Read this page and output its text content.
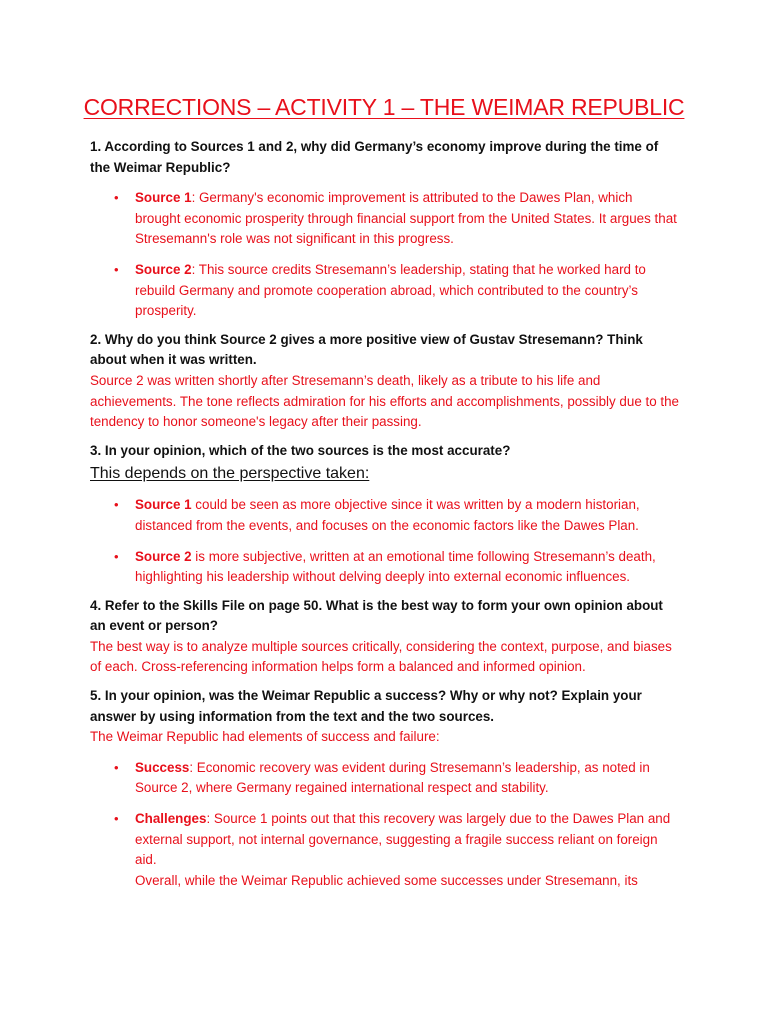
CORRECTIONS – ACTIVITY 1 – THE WEIMAR REPUBLIC

1. According to Sources 1 and 2, why did Germany’s economy improve during the time of the Weimar Republic?

• Source 1: Germany's economic improvement is attributed to the Dawes Plan, which brought economic prosperity through financial support from the United States. It argues that Stresemann's role was not significant in this progress.
• Source 2: This source credits Stresemann’s leadership, stating that he worked hard to rebuild Germany and promote cooperation abroad, which contributed to the country’s prosperity.

2. Why do you think Source 2 gives a more positive view of Gustav Stresemann? Think about when it was written.

Source 2 was written shortly after Stresemann’s death, likely as a tribute to his life and achievements. The tone reflects admiration for his efforts and accomplishments, possibly due to the tendency to honor someone's legacy after their passing.

3. In your opinion, which of the two sources is the most accurate?

This depends on the perspective taken:

• Source 1 could be seen as more objective since it was written by a modern historian, distanced from the events, and focuses on the economic factors like the Dawes Plan.
• Source 2 is more subjective, written at an emotional time following Stresemann’s death, highlighting his leadership without delving deeply into external economic influences.

4. Refer to the Skills File on page 50. What is the best way to form your own opinion about an event or person?

The best way is to analyze multiple sources critically, considering the context, purpose, and biases of each. Cross-referencing information helps form a balanced and informed opinion.

5. In your opinion, was the Weimar Republic a success? Why or why not? Explain your answer by using information from the text and the two sources.

The Weimar Republic had elements of success and failure:

• Success: Economic recovery was evident during Stresemann’s leadership, as noted in Source 2, where Germany regained international respect and stability.
• Challenges: Source 1 points out that this recovery was largely due to the Dawes Plan and external support, not internal governance, suggesting a fragile success reliant on foreign aid.
Overall, while the Weimar Republic achieved some successes under Stresemann, its
